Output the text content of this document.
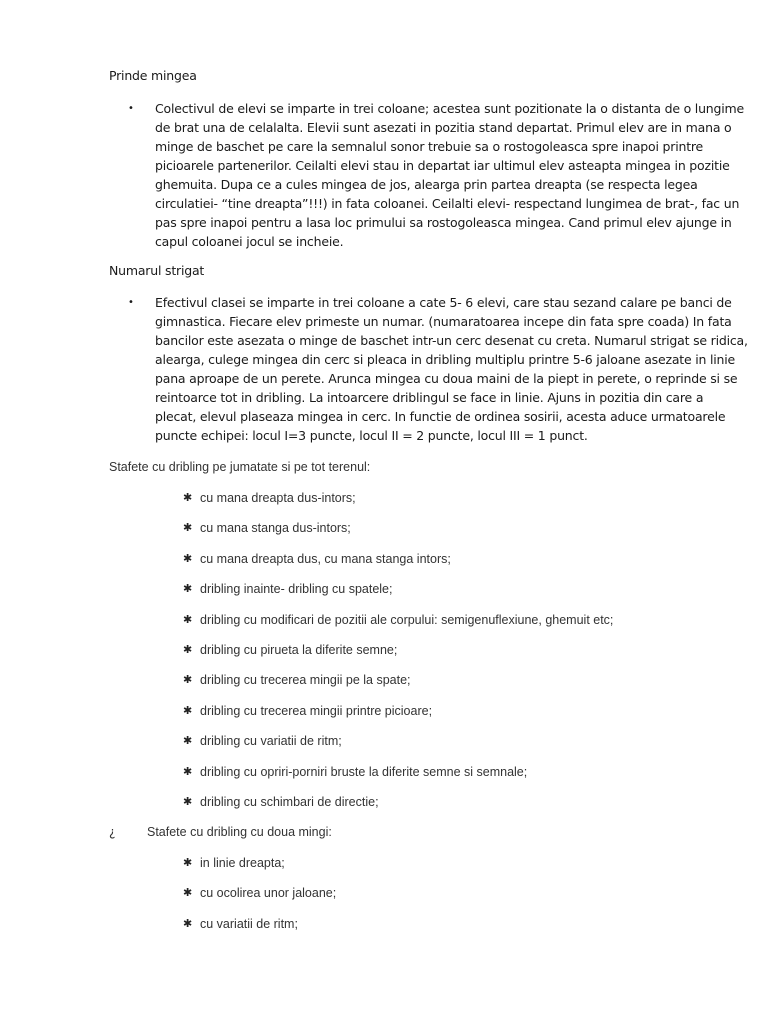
Prinde mingea
• Colectivul de elevi se imparte in trei coloane; acestea sunt pozitionate la o distanta de o lungime
de brat una de celalalta. Elevii sunt asezati in pozitia stand departat. Primul elev are in mana o
minge de baschet pe care la semnalul sonor trebuie sa o rostogoleasca spre inapoi printre
picioarele partenerilor. Ceilalti elevi stau in departat iar ultimul elev asteapta mingea in pozitie
ghemuita. Dupa ce a cules mingea de jos, alearga prin partea dreapta (se respecta legea
circulatiei- “tine dreapta”!!!) in fata coloanei. Ceilalti elevi- respectand lungimea de brat-, fac un
pas spre inapoi pentru a lasa loc primului sa rostogoleasca mingea. Cand primul elev ajunge in
capul coloanei jocul se incheie.

Numarul strigat
• Efectivul clasei se imparte in trei coloane a cate 5- 6 elevi, care stau sezand calare pe banci de
gimnastica. Fiecare elev primeste un numar. (numaratoarea incepe din fata spre coada) In fata
bancilor este asezata o minge de baschet intr-un cerc desenat cu creta. Numarul strigat se ridica,
alearga, culege mingea din cerc si pleaca in dribling multiplu printre 5-6 jaloane asezate in linie
pana aproape de un perete. Arunca mingea cu doua maini de la piept in perete, o reprinde si se
reintoarce tot in dribling. La intoarcere driblingul se face in linie. Ajuns in pozitia din care a
plecat, elevul plaseaza mingea in cerc. In functie de ordinea sosirii, acesta aduce urmatoarele
puncte echipei: locul I=3 puncte, locul II = 2 puncte, locul III = 1 punct.

Stafete cu dribling pe jumatate si pe tot terenul:
✱ cu mana dreapta dus-intors;
✱ cu mana stanga dus-intors;
✱ cu mana dreapta dus, cu mana stanga intors;
✱ dribling inainte- dribling cu spatele;
✱ dribling cu modificari de pozitii ale corpului: semigenuflexiune, ghemuit etc;
✱ dribling cu pirueta la diferite semne;
✱ dribling cu trecerea mingii pe la spate;
✱ dribling cu trecerea mingii printre picioare;
✱ dribling cu variatii de ritm;
✱ dribling cu opriri-porniri bruste la diferite semne si semnale;
✱ dribling cu schimbari de directie;
¿	Stafete cu dribling cu doua mingi:
✱ in linie dreapta;
✱ cu ocolirea unor jaloane;
✱ cu variatii de ritm;
